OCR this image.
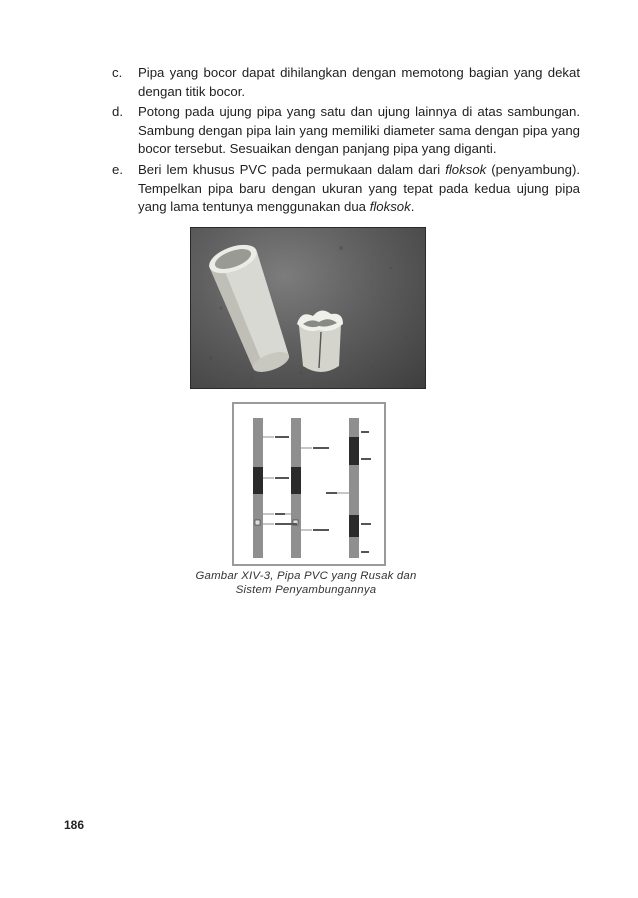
c. Pipa yang bocor dapat dihilangkan dengan memotong bagian yang dekat dengan titik bocor.
d. Potong pada ujung pipa yang satu dan ujung lainnya di atas sambungan. Sambung dengan pipa lain yang memiliki diameter sama dengan pipa yang bocor tersebut. Sesuaikan dengan panjang pipa yang diganti.
e. Beri lem khusus PVC pada permukaan dalam dari floksok (penyambung). Tempelkan pipa baru dengan ukuran yang tepat pada kedua ujung pipa yang lama tentunya menggunakan dua floksok.
Gambar XIV-3, Pipa PVC yang Rusak dan
Sistem Penyambungannya
186
